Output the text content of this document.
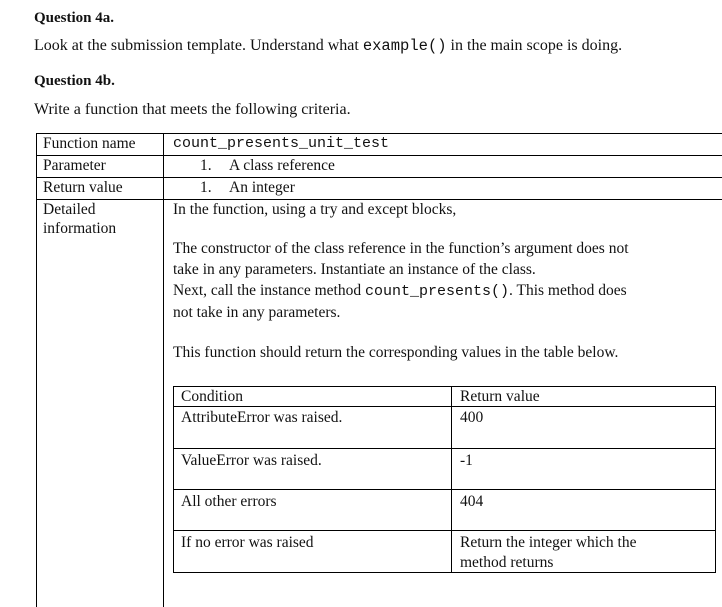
Question 4a.
Look at the submission template. Understand what example() in the main scope is doing.
Question 4b.
Write a function that meets the following criteria.
Function name count_presents_unit_test
Parameter	1. A class reference
Return value	1. An integer
Detailed
information
In the function, using a try and except blocks,
The constructor of the class reference in the function’s argument does not
take in any parameters. Instantiate an instance of the class.
Next, call the instance method count_presents(). This method does
not take in any parameters.
This function should return the corresponding values in the table below.
Condition	Return value
AttributeError was raised.	400
ValueError was raised.	-1
All other errors	404
If no error was raised	Return the integer which the
method returns
